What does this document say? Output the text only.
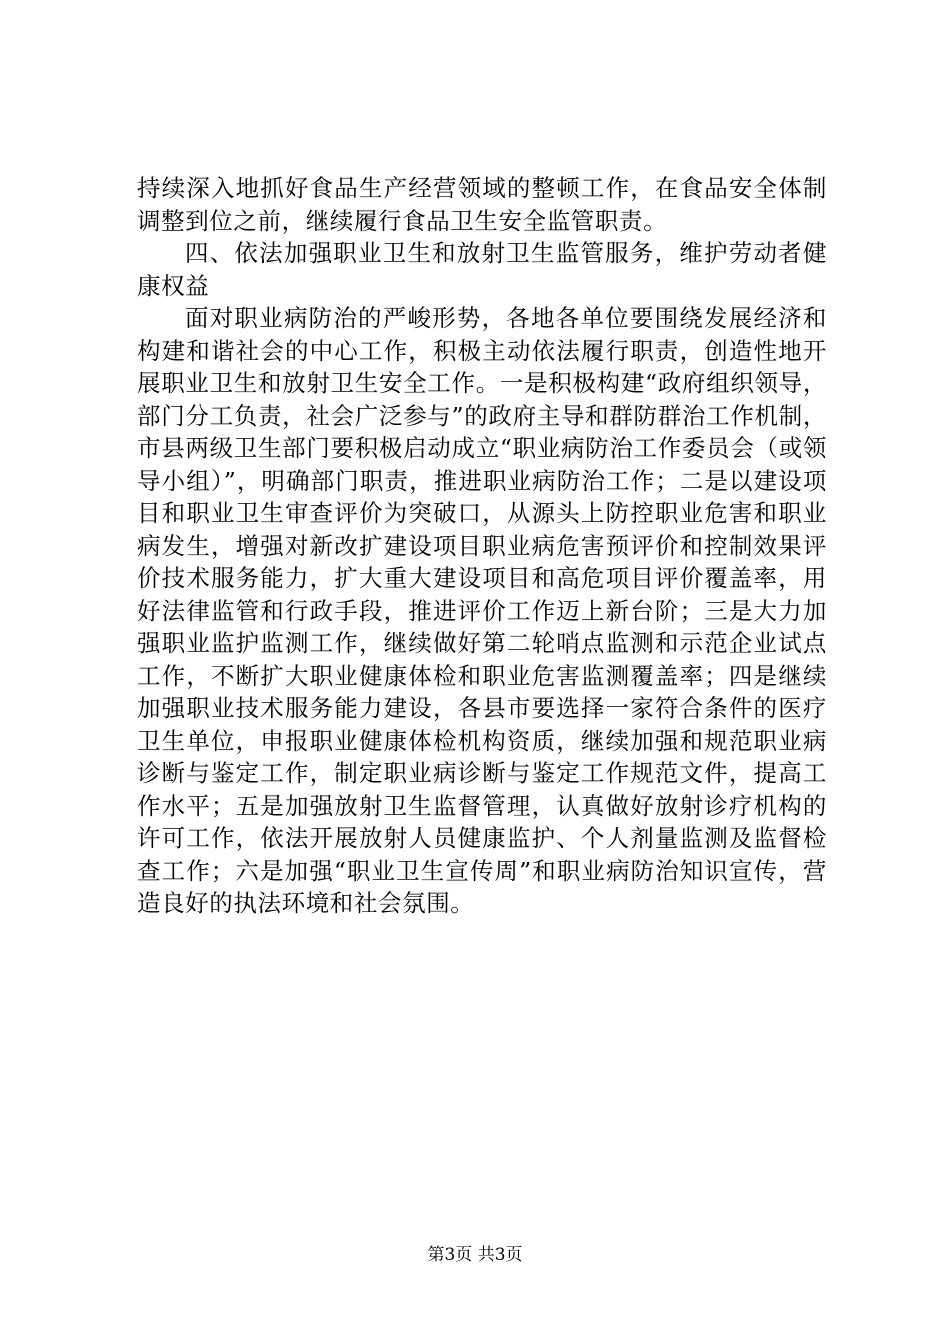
持续深入地抓好食品生产经营领域的整顿工作，在食品安全体制调整到位之前，继续履行食品卫生安全监管职责。

四、依法加强职业卫生和放射卫生监管服务，维护劳动者健康权益

面对职业病防治的严峻形势，各地各单位要围绕发展经济和构建和谐社会的中心工作，积极主动依法履行职责，创造性地开展职业卫生和放射卫生安全工作。一是积极构建“政府组织领导，部门分工负责，社会广泛参与”的政府主导和群防群治工作机制，市县两级卫生部门要积极启动成立“职业病防治工作委员会（或领导小组）”，明确部门职责，推进职业病防治工作；二是以建设项目和职业卫生审查评价为突破口，从源头上防控职业危害和职业病发生，增强对新改扩建设项目职业病危害预评价和控制效果评价技术服务能力，扩大重大建设项目和高危项目评价覆盖率，用好法律监管和行政手段，推进评价工作迈上新台阶；三是大力加强职业监护监测工作，继续做好第二轮哨点监测和示范企业试点工作，不断扩大职业健康体检和职业危害监测覆盖率；四是继续加强职业技术服务能力建设，各县市要选择一家符合条件的医疗卫生单位，申报职业健康体检机构资质，继续加强和规范职业病诊断与鉴定工作，制定职业病诊断与鉴定工作规范文件，提高工作水平；五是加强放射卫生监督管理，认真做好放射诊疗机构的许可工作，依法开展放射人员健康监护、个人剂量监测及监督检查工作；六是加强“职业卫生宣传周”和职业病防治知识宣传，营造良好的执法环境和社会氛围。

第3页 共3页
